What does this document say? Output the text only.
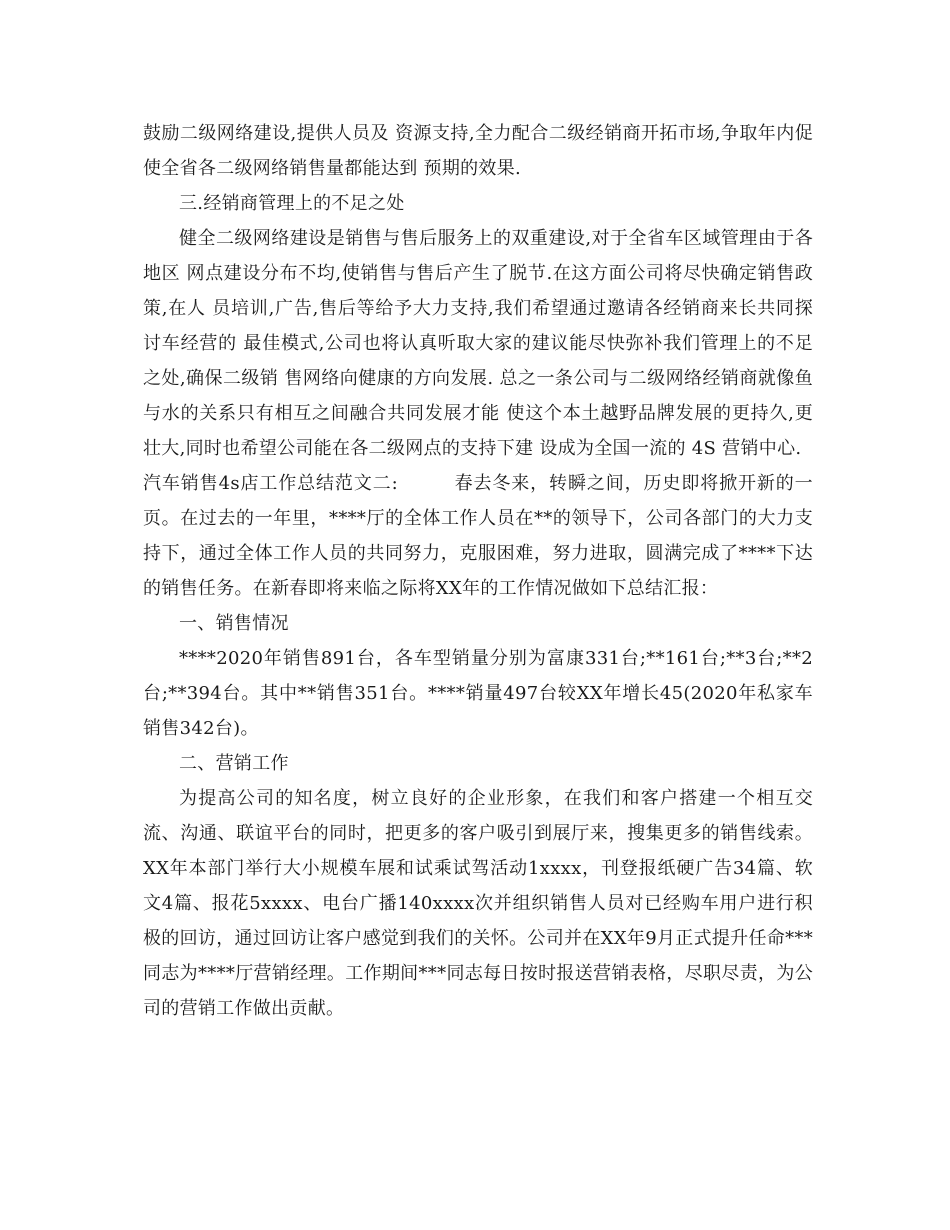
鼓励二级网络建设,提供人员及 资源支持,全力配合二级经销商开拓市场,争取年内促使全省各二级网络销售量都能达到 预期的效果.

三.经销商管理上的不足之处

健全二级网络建设是销售与售后服务上的双重建设,对于全省车区域管理由于各地区 网点建设分布不均,使销售与售后产生了脱节.在这方面公司将尽快确定销售政策,在人 员培训,广告,售后等给予大力支持,我们希望通过邀请各经销商来长共同探讨车经营的 最佳模式,公司也将认真听取大家的建议能尽快弥补我们管理上的不足之处,确保二级销 售网络向健康的方向发展. 总之一条公司与二级网络经销商就像鱼与水的关系只有相互之间融合共同发展才能 使这个本土越野品牌发展的更持久,更壮大,同时也希望公司能在各二级网点的支持下建 设成为全国一流的 4S 营销中心.

汽车销售4s店工作总结范文二:	春去冬来，转瞬之间，历史即将掀开新的一页。在过去的一年里，****厅的全体工作人员在**的领导下，公司各部门的大力支持下，通过全体工作人员的共同努力，克服困难，努力进取，圆满完成了****下达的销售任务。在新春即将来临之际将XX年的工作情况做如下总结汇报：

一、销售情况

****2020年销售891台，各车型销量分别为富康331台;**161台;**3台;**2台;**394台。其中**销售351台。****销量497台较XX年增长45(2020年私家车销售342台)。

二、营销工作

为提高公司的知名度，树立良好的企业形象，在我们和客户搭建一个相互交流、沟通、联谊平台的同时，把更多的客户吸引到展厅来，搜集更多的销售线索。XX年本部门举行大小规模车展和试乘试驾活动1xxxx，刊登报纸硬广告34篇、软文4篇、报花5xxxx、电台广播140xxxx次并组织销售人员对已经购车用户进行积极的回访，通过回访让客户感觉到我们的关怀。公司并在XX年9月正式提升任命***同志为****厅营销经理。工作期间***同志每日按时报送营销表格，尽职尽责，为公司的营销工作做出贡献。
